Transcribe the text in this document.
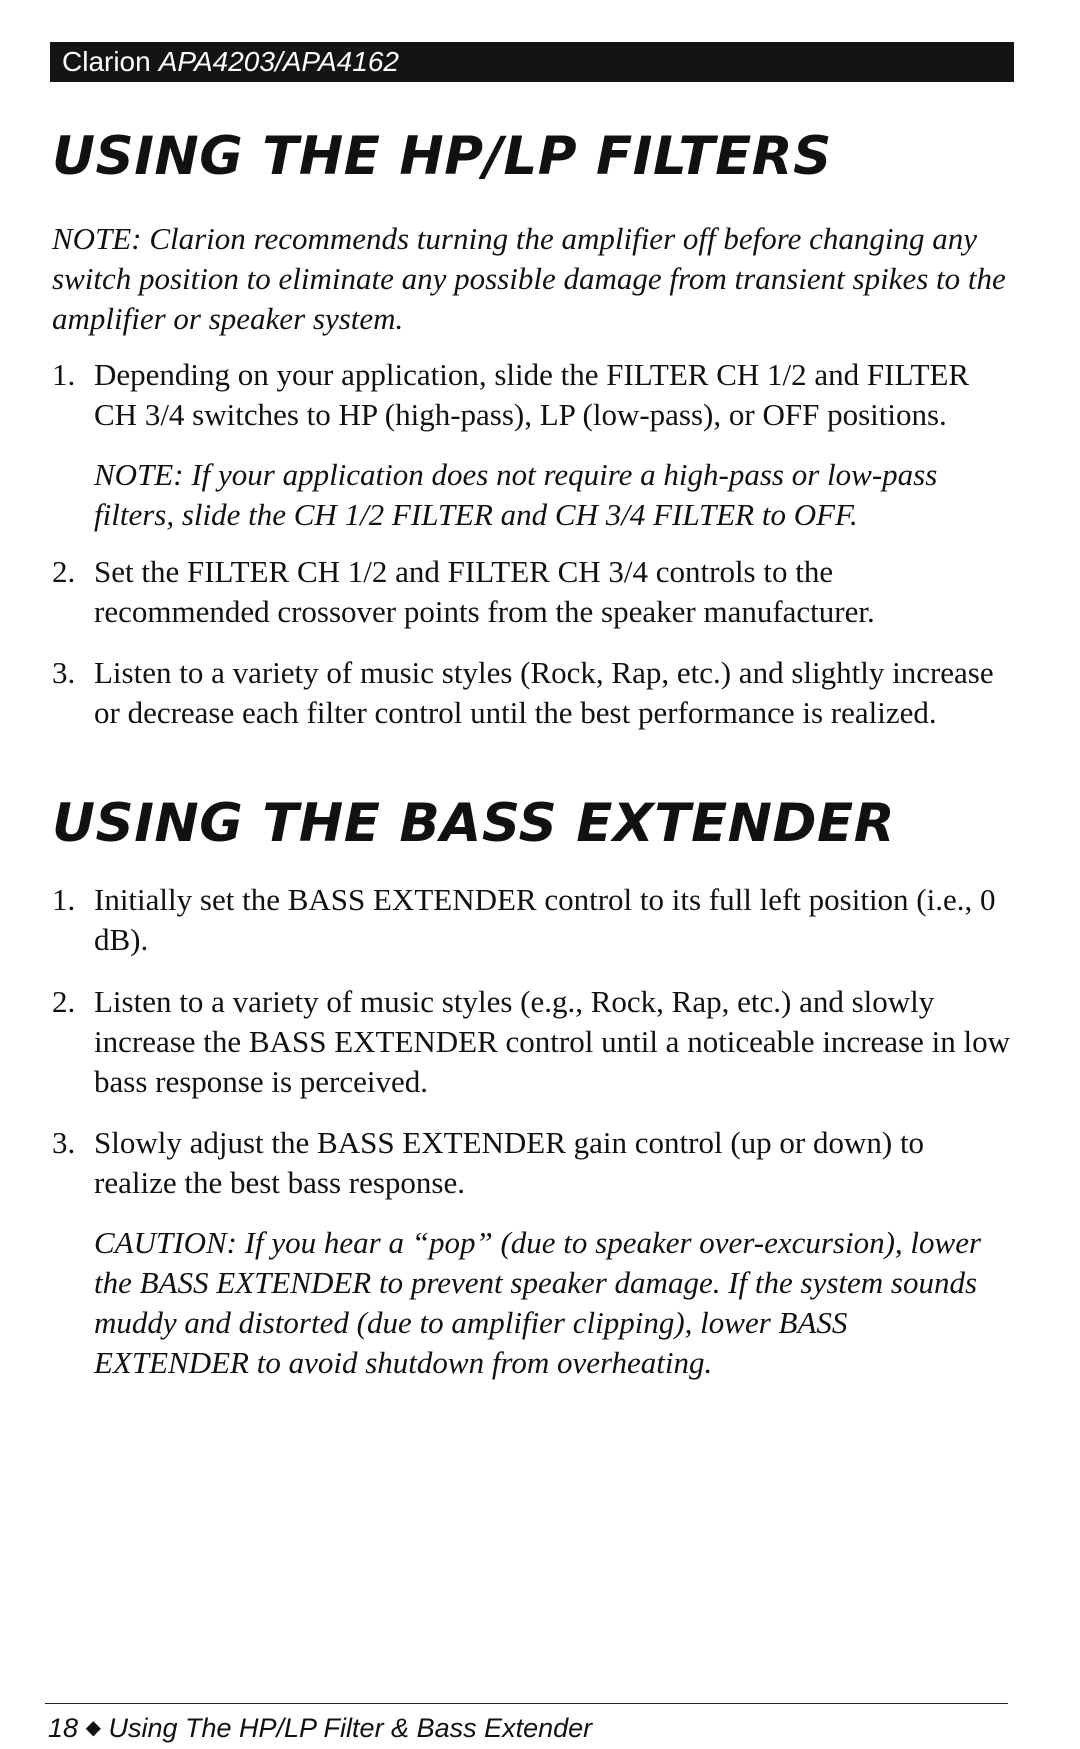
Clarion APA4203/APA4162
USING THE HP/LP FILTERS

NOTE: Clarion recommends turning the amplifier off before changing any switch position to eliminate any possible damage from transient spikes to the amplifier or speaker system.

1. Depending on your application, slide the FILTER CH 1/2 and FILTER CH 3/4 switches to HP (high-pass), LP (low-pass), or OFF positions.

NOTE: If your application does not require a high-pass or low-pass filters, slide the CH 1/2 FILTER and CH 3/4 FILTER to OFF.

2. Set the FILTER CH 1/2 and FILTER CH 3/4 controls to the recommended crossover points from the speaker manufacturer.
3. Listen to a variety of music styles (Rock, Rap, etc.) and slightly increase or decrease each filter control until the best performance is realized.
USING THE BASS EXTENDER
1. Initially set the BASS EXTENDER control to its full left position (i.e., 0 dB).
2. Listen to a variety of music styles (e.g., Rock, Rap, etc.) and slowly increase the BASS EXTENDER control until a noticeable increase in low bass response is perceived.
3. Slowly adjust the BASS EXTENDER gain control (up or down) to realize the best bass response.

CAUTION: If you hear a “pop” (due to speaker over-excursion), lower the BASS EXTENDER to prevent speaker damage. If the system sounds muddy and distorted (due to amplifier clipping), lower BASS EXTENDER to avoid shutdown from overheating.

18 ◆ Using The HP/LP Filter & Bass Extender
